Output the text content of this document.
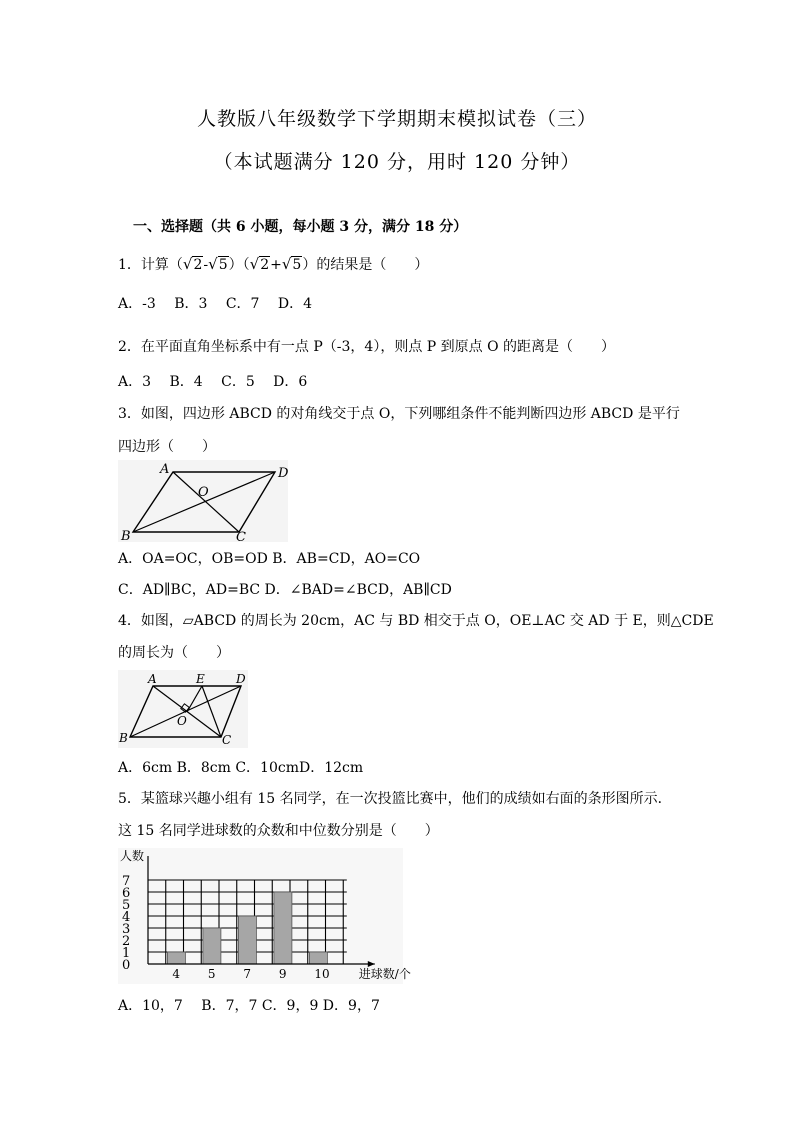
人教版八年级数学下学期期末模拟试卷（三）
（本试题满分 120 分，用时 120 分钟）
一、选择题（共 6 小题，每小题 3 分，满分 18 分）
1．计算（√2-√5）（√2+√5）的结果是（　　）
A．-3　 B．3　 C．7　 D．4
2．在平面直角坐标系中有一点 P（-3，4），则点 P 到原点 O 的距离是（　　）
A．3　 B．4　 C．5　 D．6
3．如图，四边形 ABCD 的对角线交于点 O，下列哪组条件不能判断四边形 ABCD 是平行
四边形（　　）
A	D
B	C
O
A．OA=OC，OB=OD B．AB=CD，AO=CO
C．AD∥BC，AD=BC D．∠BAD=∠BCD，AB∥CD
4．如图，▱ABCD 的周长为 20cm，AC 与 BD 相交于点 O，OE⊥AC 交 AD 于 E，则△CDE
的周长为（　　）
A	E	D
B	C
O
A．6cm B．8cm C．10cmD．12cm
5．某篮球兴趣小组有 15 名同学，在一次投篮比赛中，他们的成绩如右面的条形图所示．
这 15 名同学进球数的众数和中位数分别是（　　）
4 5 7 9 10
0
1
2
3
4
5
6
7
人数
进球数/个
A．10，7　 B．7，7 C．9，9 D．9，7
